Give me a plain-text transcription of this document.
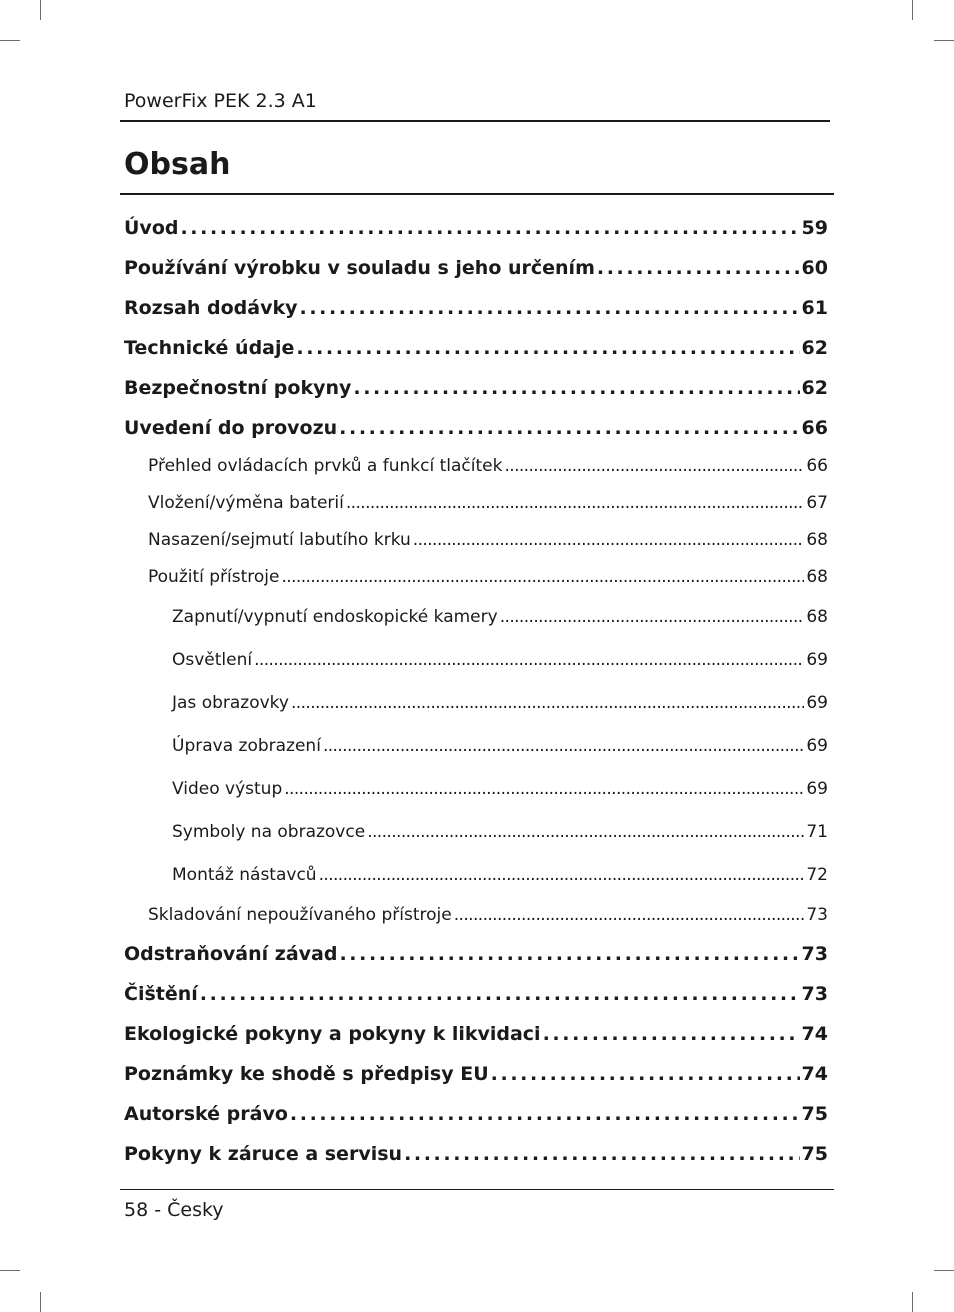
PowerFix PEK 2.3 A1
Obsah
Úvod . . .	59
Používání výrobku v souladu s jeho určením . . .	60
Rozsah dodávky . . .	61
Technické údaje . . .	62
Bezpečnostní pokyny . . .	62
Uvedení do provozu . . .	66
Přehled ovládacích prvků a funkcí tlačítek . . .	66
Vložení/výměna baterií . . .	67
Nasazení/sejmutí labutího krku . . .	68
Použití přístroje . . .	68
Zapnutí/vypnutí endoskopické kamery . . .	68
Osvětlení . . .	69
Jas obrazovky . . .	69
Úprava zobrazení . . .	69
Video výstup . . .	69
Symboly na obrazovce . . .	71
Montáž nástavců . . .	72
Skladování nepoužívaného přístroje . . .	73
Odstraňování závad . . .	73
Čištění . . .	73
Ekologické pokyny a pokyny k likvidaci . . .	74
Poznámky ke shodě s předpisy EU . . .	74
Autorské právo . . .	75
Pokyny k záruce a servisu . . .	75
58 - Česky
